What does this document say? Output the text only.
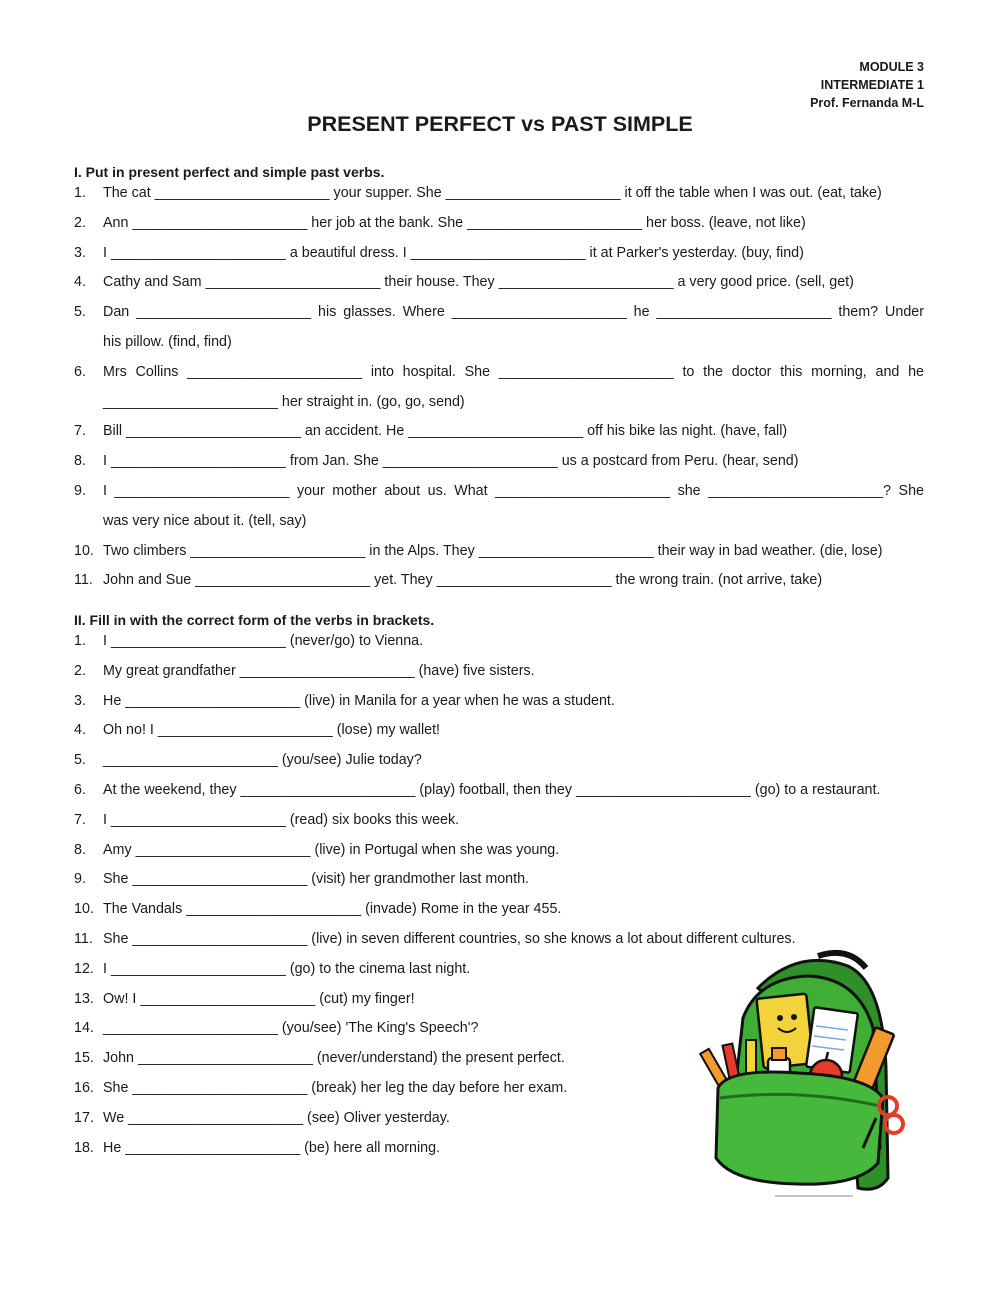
MODULE 3
INTERMEDIATE 1
Prof. Fernanda M-L
PRESENT PERFECT vs PAST SIMPLE
I. Put in present perfect and simple past verbs.
1.	The cat ______________________ your supper. She ______________________ it off the table when I was out. (eat, take)
2.	Ann ______________________ her job at the bank. She ______________________ her boss. (leave, not like)
3.	I ______________________ a beautiful dress. I ______________________ it at Parker's yesterday. (buy, find)
4.	Cathy and Sam ______________________ their house. They ______________________ a very good price. (sell, get)
5.	Dan ______________________ his glasses. Where ______________________ he ______________________ them? Under
his pillow. (find, find)
6.	Mrs Collins ______________________ into hospital. She ______________________ to the doctor this morning, and he
______________________ her straight in. (go, go, send)
7.	Bill ______________________ an accident. He ______________________ off his bike las night. (have, fall)
8.	I ______________________ from Jan. She ______________________ us a postcard from Peru. (hear, send)
9.	I ______________________ your mother about us. What ______________________ she ______________________? She
was very nice about it. (tell, say)
10. Two climbers ______________________ in the Alps. They ______________________ their way in bad weather. (die, lose)
11. John and Sue ______________________ yet. They ______________________ the wrong train. (not arrive, take)
II. Fill in with the correct form of the verbs in brackets.
1.	I ______________________ (never/go) to Vienna.
2.	My great grandfather ______________________ (have) five sisters.
3.	He ______________________ (live) in Manila for a year when he was a student.
4.	Oh no! I ______________________ (lose) my wallet!
5.	______________________ (you/see) Julie today?
6.	At the weekend, they ______________________ (play) football, then they ______________________ (go) to a restaurant.
7.	I ______________________ (read) six books this week.
8.	Amy ______________________ (live) in Portugal when she was young.
9.	She ______________________ (visit) her grandmother last month.
10. The Vandals ______________________ (invade) Rome in the year 455.
11. She ______________________ (live) in seven different countries, so she knows a lot about different cultures.
12. I ______________________ (go) to the cinema last night.
13. Ow! I ______________________ (cut) my finger!
14. ______________________ (you/see) 'The King's Speech'?
15. John ______________________ (never/understand) the present perfect.
16. She ______________________ (break) her leg the day before her exam.
17. We ______________________ (see) Oliver yesterday.
18. He ______________________ (be) here all morning.
